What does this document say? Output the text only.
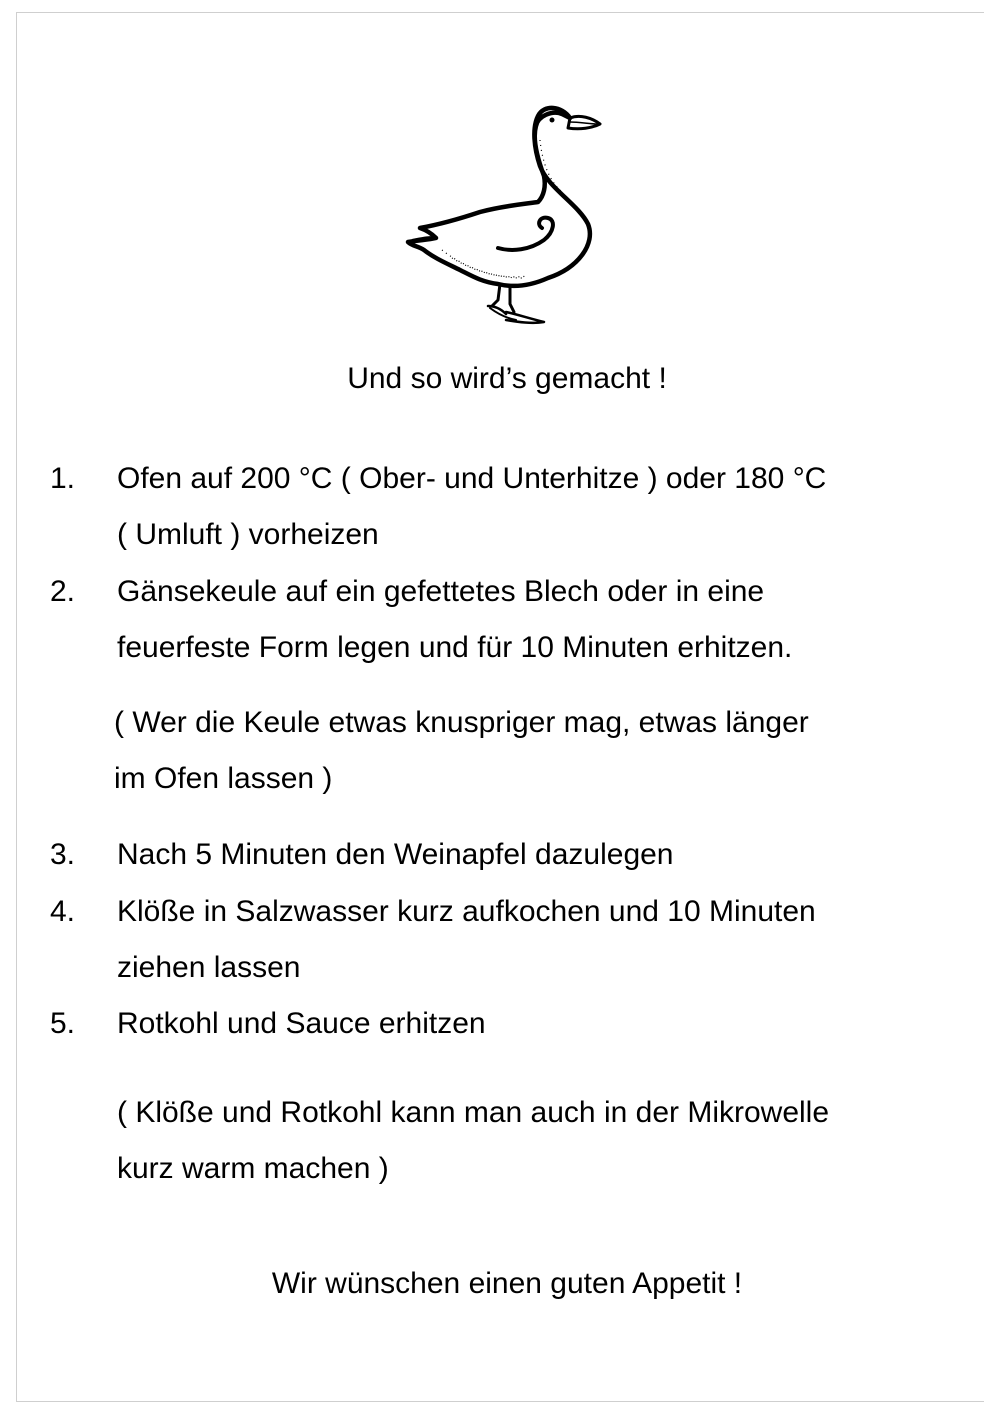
Und so wird’s gemacht !
1. Ofen auf 200 °C ( Ober- und Unterhitze ) oder 180 °C
( Umluft ) vorheizen
2. Gänsekeule auf ein gefettetes Blech oder in eine
feuerfeste Form legen und für 10 Minuten erhitzen.
( Wer die Keule etwas knuspriger mag, etwas länger
im Ofen lassen )
3. Nach 5 Minuten den Weinapfel dazulegen
4. Klöße in Salzwasser kurz aufkochen und 10 Minuten
ziehen lassen
5. Rotkohl und Sauce erhitzen
( Klöße und Rotkohl kann man auch in der Mikrowelle
kurz warm machen )
Wir wünschen einen guten Appetit !
